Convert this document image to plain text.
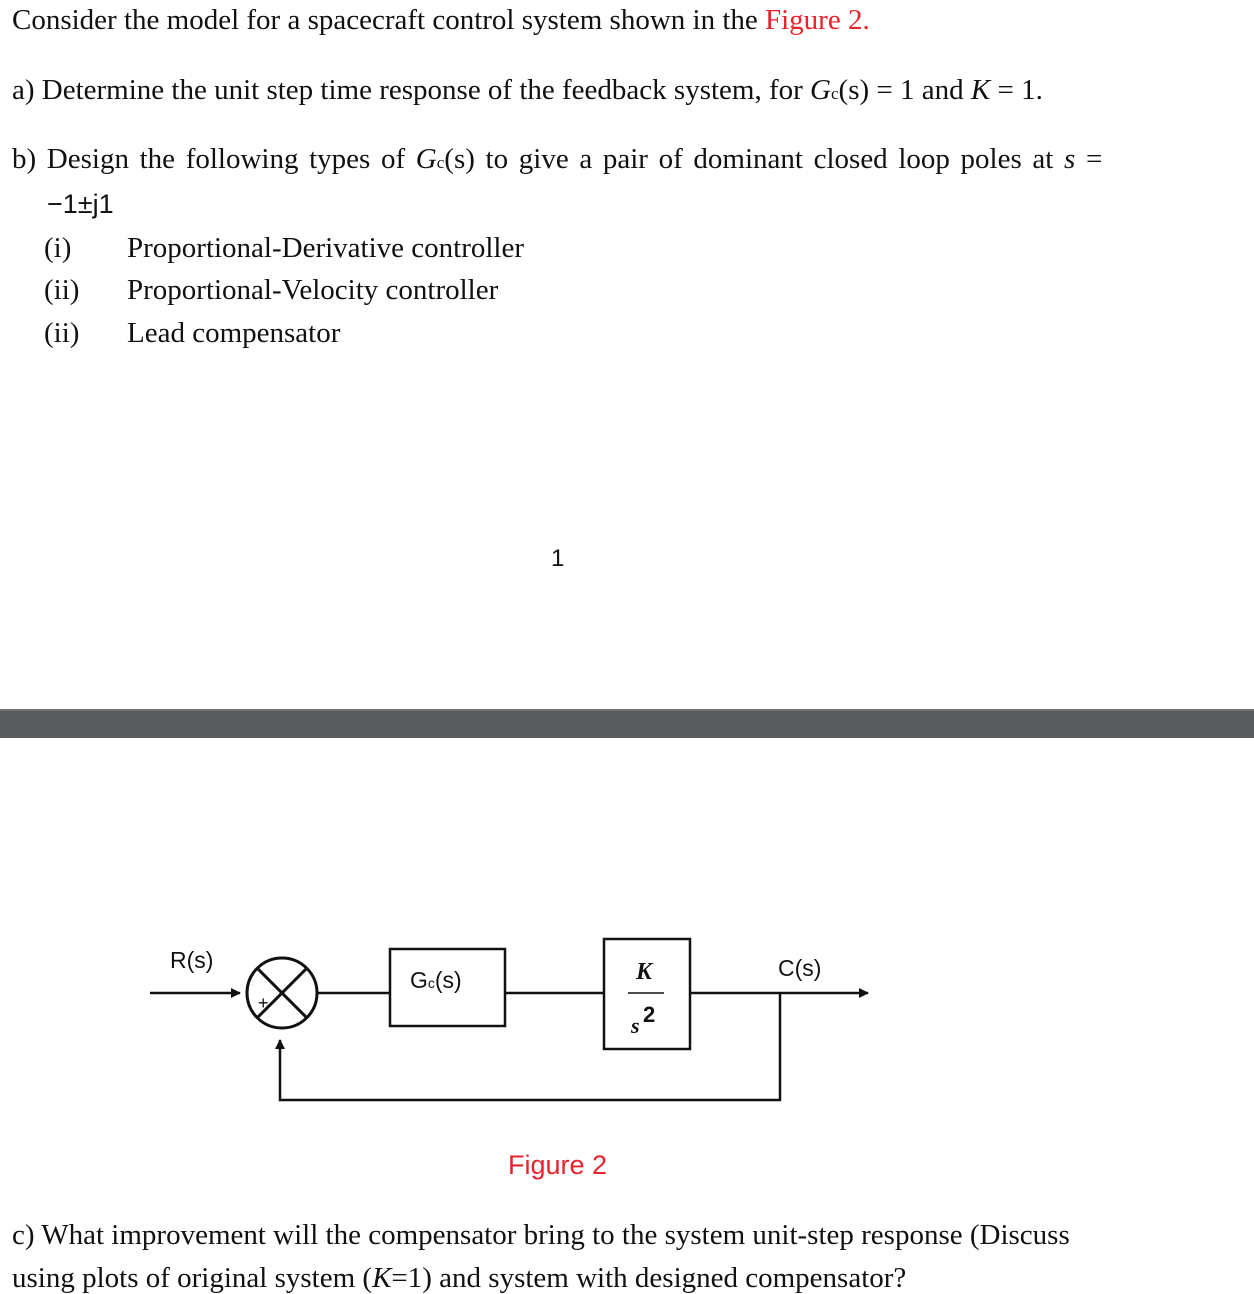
Consider the model for a spacecraft control system shown in the Figure 2.
a) Determine the unit step time response of the feedback system, for Gc(s) = 1 and K = 1.
b) Design the following types of Gc(s) to give a pair of dominant closed loop poles at s =
−1±j1
(i) Proportional-Derivative controller
(ii) Proportional-Velocity controller
(ii) Lead compensator
1
+
Gc(s)	K
s 2
R(s)	C(s)
Figure 2
c) What improvement will the compensator bring to the system unit-step response (Discuss
using plots of original system (K=1) and system with designed compensator?
